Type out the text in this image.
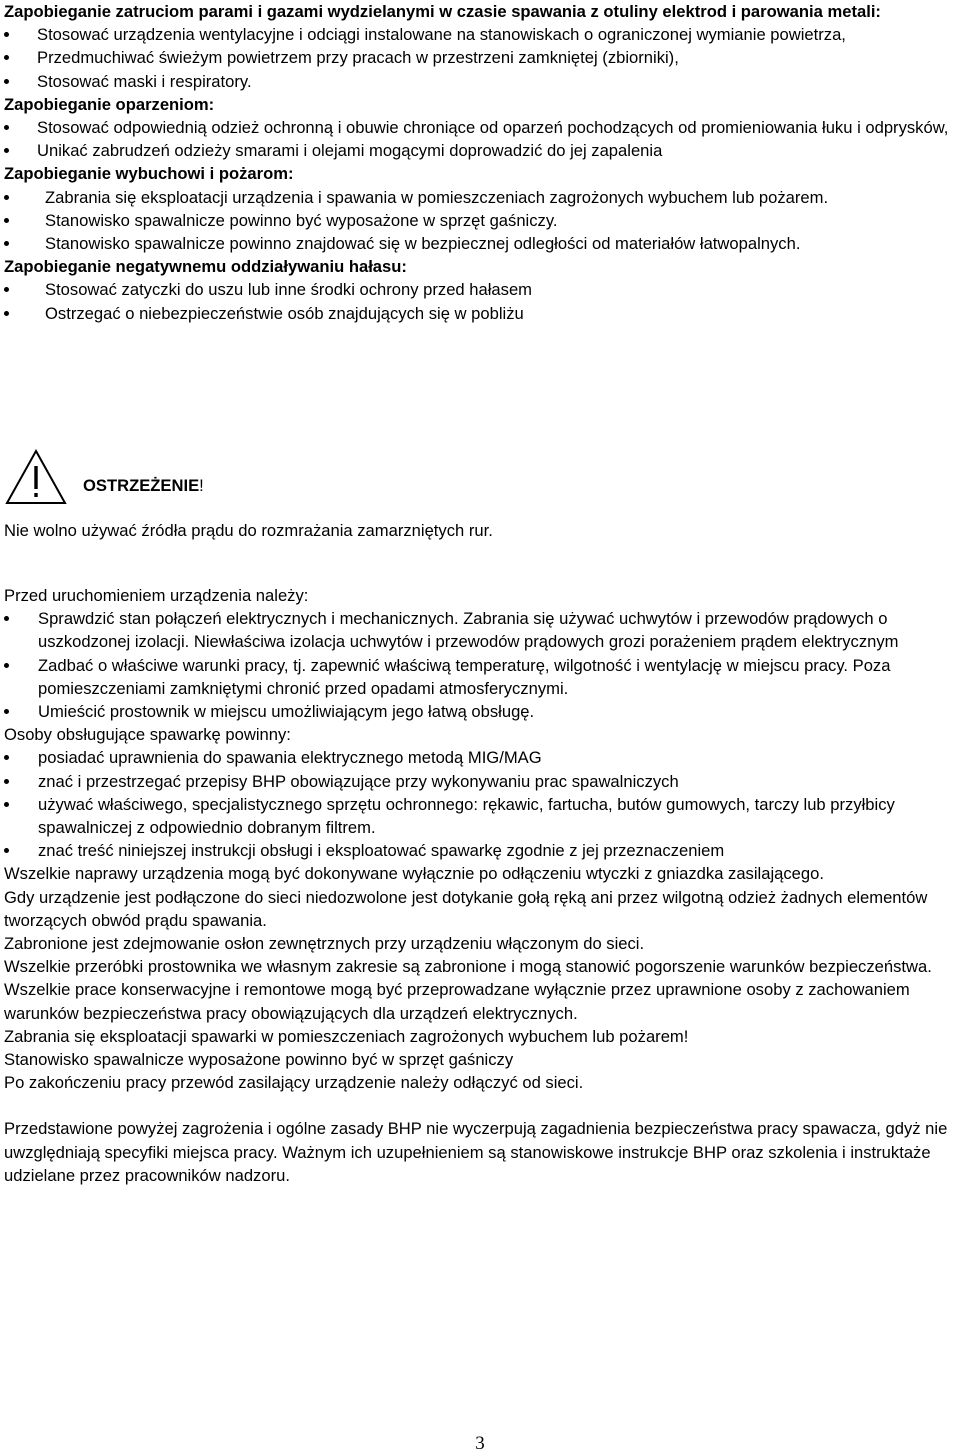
Zapobieganie zatruciom parami i gazami wydzielanymi w czasie spawania z otuliny elektrod i parowania metali:
Stosować urządzenia wentylacyjne i odciągi instalowane na stanowiskach o ograniczonej wymianie powietrza,
Przedmuchiwać świeżym powietrzem przy pracach w przestrzeni zamkniętej (zbiorniki),
Stosować maski i respiratory.
Zapobieganie oparzeniom:
Stosować odpowiednią odzież ochronną i obuwie chroniące od oparzeń pochodzących od promieniowania łuku i odprysków,
Unikać zabrudzeń odzieży smarami i olejami mogącymi doprowadzić do jej zapalenia
Zapobieganie wybuchowi i pożarom:
Zabrania się eksploatacji urządzenia i spawania w pomieszczeniach zagrożonych wybuchem lub pożarem.
Stanowisko spawalnicze powinno być wyposażone w sprzęt gaśniczy.
Stanowisko spawalnicze powinno znajdować się w bezpiecznej odległości od materiałów łatwopalnych.
Zapobieganie negatywnemu oddziaływaniu hałasu:
Stosować zatyczki do uszu lub inne środki ochrony przed hałasem
Ostrzegać o niebezpieczeństwie osób znajdujących się w pobliżu
OSTRZEŻENIE!
Nie wolno używać źródła prądu do rozmrażania zamarzniętych rur.
Przed uruchomieniem urządzenia należy:
Sprawdzić stan połączeń elektrycznych i mechanicznych. Zabrania się używać uchwytów i przewodów prądowych o uszkodzonej izolacji. Niewłaściwa izolacja uchwytów i przewodów prądowych grozi porażeniem prądem elektrycznym
Zadbać o właściwe warunki pracy, tj. zapewnić właściwą temperaturę, wilgotność i wentylację w miejscu pracy. Poza pomieszczeniami zamkniętymi chronić przed opadami atmosferycznymi.
Umieścić prostownik w miejscu umożliwiającym jego łatwą obsługę.
Osoby obsługujące spawarkę powinny:
posiadać uprawnienia do spawania elektrycznego metodą MIG/MAG
znać i przestrzegać przepisy BHP obowiązujące przy wykonywaniu prac spawalniczych
używać właściwego, specjalistycznego sprzętu ochronnego: rękawic, fartucha, butów gumowych, tarczy lub przyłbicy spawalniczej z odpowiednio dobranym filtrem.
znać treść niniejszej instrukcji obsługi i eksploatować spawarkę zgodnie z jej przeznaczeniem
Wszelkie naprawy urządzenia mogą być dokonywane wyłącznie po odłączeniu wtyczki z gniazdka zasilającego.
Gdy urządzenie jest podłączone do sieci niedozwolone jest dotykanie gołą ręką ani przez wilgotną odzież żadnych elementów tworzących obwód prądu spawania.
Zabronione jest zdejmowanie osłon zewnętrznych przy urządzeniu włączonym do sieci.
Wszelkie przeróbki prostownika we własnym zakresie są zabronione i mogą stanowić pogorszenie warunków bezpieczeństwa.
Wszelkie prace konserwacyjne i remontowe mogą być przeprowadzane wyłącznie przez uprawnione osoby z zachowaniem warunków bezpieczeństwa pracy obowiązujących dla urządzeń elektrycznych.
Zabrania się eksploatacji spawarki w pomieszczeniach zagrożonych wybuchem lub pożarem!
Stanowisko spawalnicze wyposażone powinno być w sprzęt gaśniczy
Po zakończeniu pracy przewód zasilający urządzenie należy odłączyć od sieci.
Przedstawione powyżej zagrożenia i ogólne zasady BHP nie wyczerpują zagadnienia bezpieczeństwa pracy spawacza, gdyż nie uwzględniają specyfiki miejsca pracy. Ważnym ich uzupełnieniem są stanowiskowe instrukcje BHP oraz szkolenia i instruktaże udzielane przez pracowników nadzoru.
3
